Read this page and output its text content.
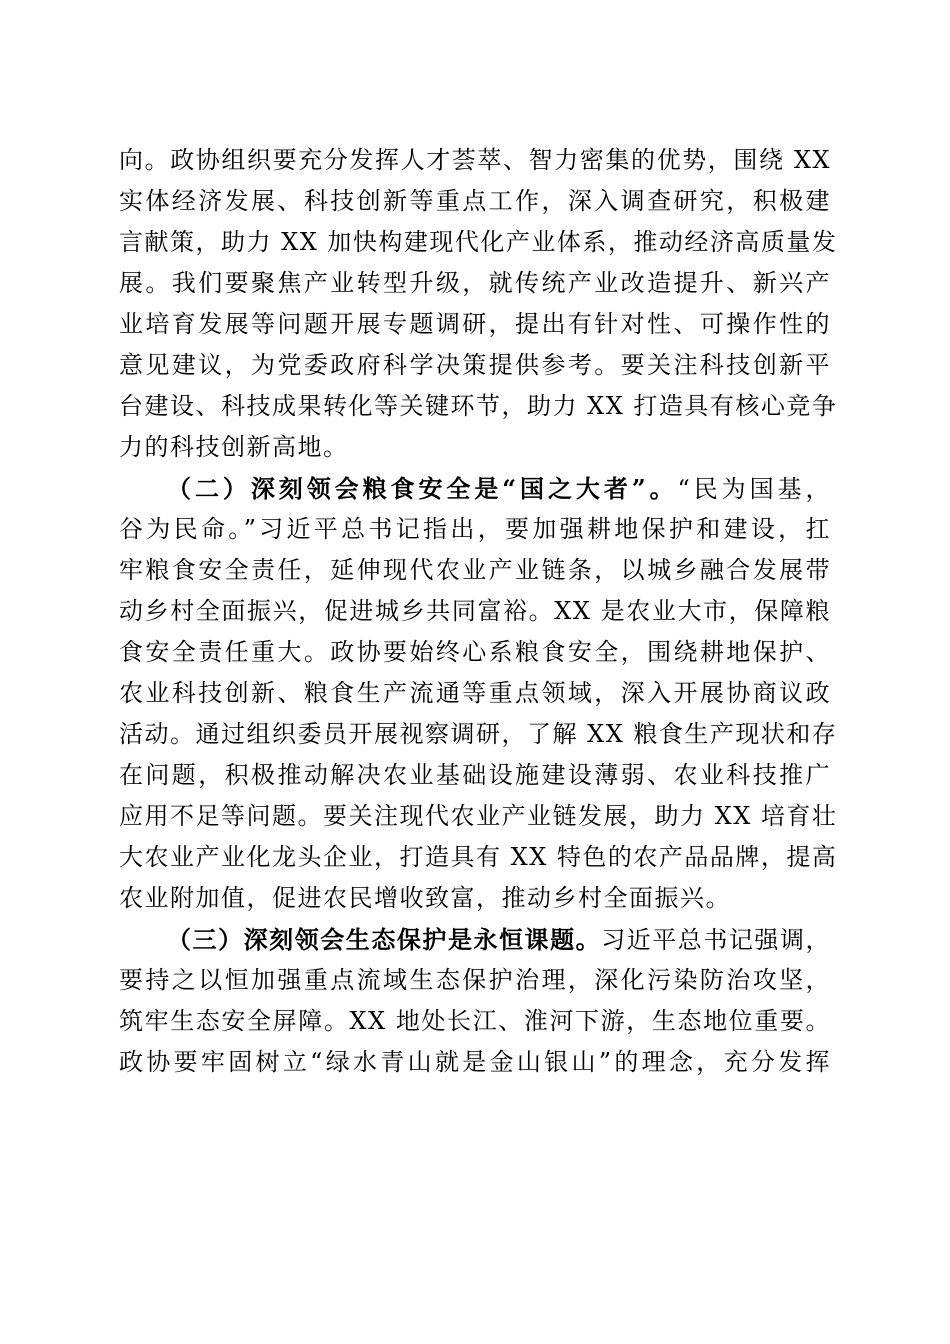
向。政协组织要充分发挥人才荟萃、智力密集的优势，围绕 XX
实体经济发展、科技创新等重点工作，深入调查研究，积极建
言献策，助力 XX 加快构建现代化产业体系，推动经济高质量发
展。我们要聚焦产业转型升级，就传统产业改造提升、新兴产
业培育发展等问题开展专题调研，提出有针对性、可操作性的
意见建议，为党委政府科学决策提供参考。要关注科技创新平
台建设、科技成果转化等关键环节，助力 XX 打造具有核心竞争
力的科技创新高地。
（二）深刻领会粮食安全是“国之大者”。“民为国基，
谷为民命。”习近平总书记指出，要加强耕地保护和建设，扛
牢粮食安全责任，延伸现代农业产业链条，以城乡融合发展带
动乡村全面振兴，促进城乡共同富裕。XX 是农业大市，保障粮
食安全责任重大。政协要始终心系粮食安全，围绕耕地保护、
农业科技创新、粮食生产流通等重点领域，深入开展协商议政
活动。通过组织委员开展视察调研，了解 XX 粮食生产现状和存
在问题，积极推动解决农业基础设施建设薄弱、农业科技推广
应用不足等问题。要关注现代农业产业链发展，助力 XX 培育壮
大农业产业化龙头企业，打造具有 XX 特色的农产品品牌，提高
农业附加值，促进农民增收致富，推动乡村全面振兴。
（三）深刻领会生态保护是永恒课题。习近平总书记强调，
要持之以恒加强重点流域生态保护治理，深化污染防治攻坚，
筑牢生态安全屏障。XX 地处长江、淮河下游，生态地位重要。
政协要牢固树立“绿水青山就是金山银山”的理念，充分发挥
